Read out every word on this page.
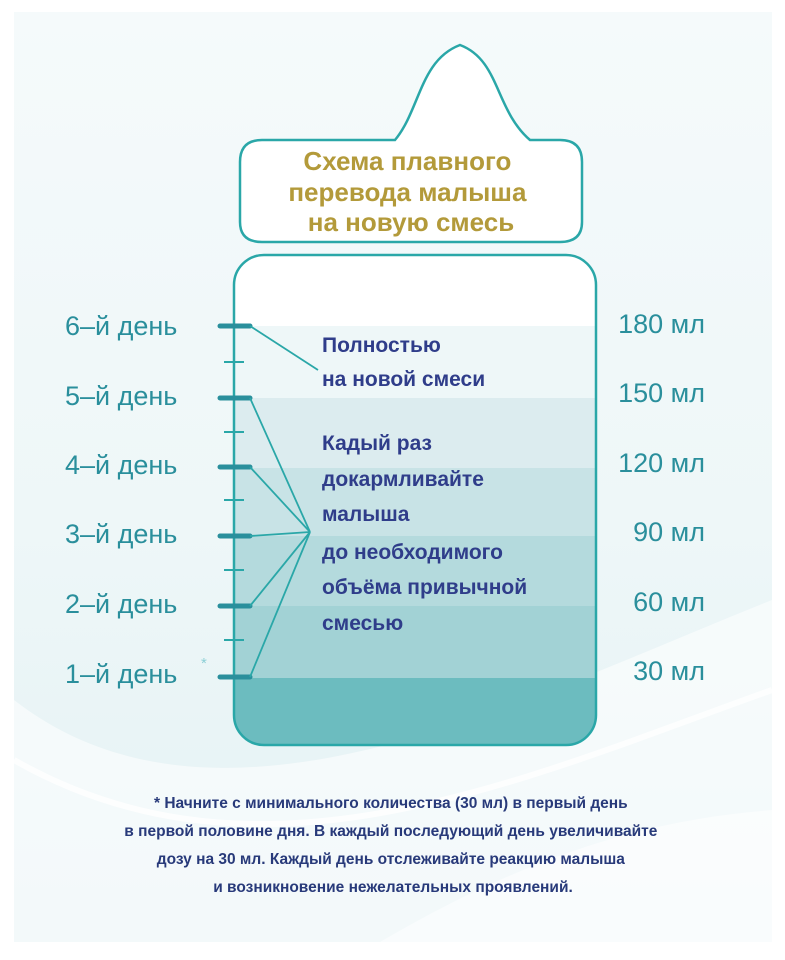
Схема плавного перевода малыша на новую смесь
6–й день
5–й день
4–й день
3–й день
2–й день
1–й день *
180 мл
150 мл
120 мл
90 мл
60 мл
30 мл
Полностью на новой смеси
Кадый раз докармливайте малыша до необходимого объёма привычной смесью
* Начните с минимального количества (30 мл) в первый день в первой половине дня. В каждый последующий день увеличивайте дозу на 30 мл. Каждый день отслеживайте реакцию малыша и возникновение нежелательных проявлений.
